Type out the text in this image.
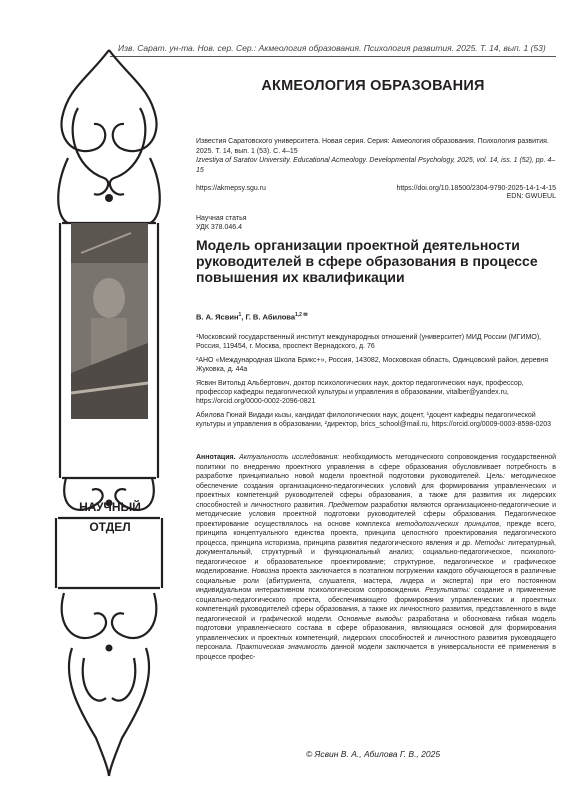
Изв. Сарат. ун-та. Нов. сер. Сер.: Акмеология образования. Психология развития. 2025. Т. 14, вып. 1 (53)
НАУЧНЫЙ
ОТДЕЛ
АКМЕОЛОГИЯ ОБРАЗОВАНИЯ
Известия Саратовского университета. Новая серия. Серия: Акмеология образования. Психология развития. 2025. Т. 14, вып. 1 (53). С. 4–15
Izvestiya of Saratov University. Educational Acmeology. Developmental Psychology, 2025, vol. 14, iss. 1 (52), pp. 4–15
https://akmepsy.sgu.ru	https://doi.org/10.18500/2304-9790-2025-14-1-4-15
EDN: GWUEUL
Научная статья
УДК 378.046.4
Модель организации проектной деятельности руководителей в сфере образования в процессе повышения их квалификации
В. А. Ясвин$^1$, Г. В. Абилова$^{1,2 ✉}$

¹Московский государственный институт международных отношений (университет) МИД России (МГИМО), Россия, 119454, г. Москва, проспект Вернадского, д. 76

²АНО «Международная Школа Брикс+», Россия, 143082, Московская область, Одинцовский район, деревня Жуковка, д. 44а

Ясвин Витольд Альбертович, доктор психологических наук, доктор педагогических наук, профессор, профессор кафедры педагогической культуры и управления в образовании, vitalber@yandex.ru, https://orcid.org/0000-0002-2096-0821

Абилова Гюнай Видади кызы, кандидат филологических наук, доцент, ¹доцент кафедры педагогической культуры и управления в образовании, ²директор, brics_school@mail.ru, https://orcid.org/0009-0003-8598-0203

Аннотация. Актуальность исследования: необходимость методического сопровождения государственной политики по внедрению проектного управления в сфере образования обусловливает потребность в разработке принципиально новой модели проектной подготовки руководителей. Цель: методическое обеспечение создания организационно-педагогических условий для формирования управленческих и проектных компетенций руководителей сферы образования, а также для развития их лидерских способностей и личностного развития. Предметом разработки являются организационно-педагогические и методические условия проектной подготовки руководителей сферы образования. Педагогическое проектирование осуществлялось на основе комплекса методологических принципов, прежде всего, принципа концептуального единства проекта, принципа целостного проектирования педагогического процесса, принципа историзма, принципа развития педагогического явления и др. Методы: литературный, документальный, структурный и функциональный анализ; социально-педагогическое, психолого-педагогическое и образовательное проектирование; структурное, педагогическое и графическое моделирование. Новизна проекта заключается в поэтапном погружении каждого обучающегося в различные социальные роли (абитуриента, слушателя, мастера, лидера и эксперта) при его постоянном индивидуальном интерактивном психологическом сопровождении. Результаты: создание и применение социально-педагогического проекта, обеспечивающего формирования управленческих и проектных компетенций руководителей сферы образования, а также их личностного развития, представленного в виде педагогической и графической модели. Основные выводы: разработана и обоснована гибкая модель подготовки управленческого состава в сфере образования, являющаяся основой для формирования управленческих и проектных компетенций, лидерских способностей и личностного развития руководящего персонала. Практическая значимость данной модели заключается в универсальности её применения в процессе профес-
© Ясвин В. А., Абилова Г. В., 2025
